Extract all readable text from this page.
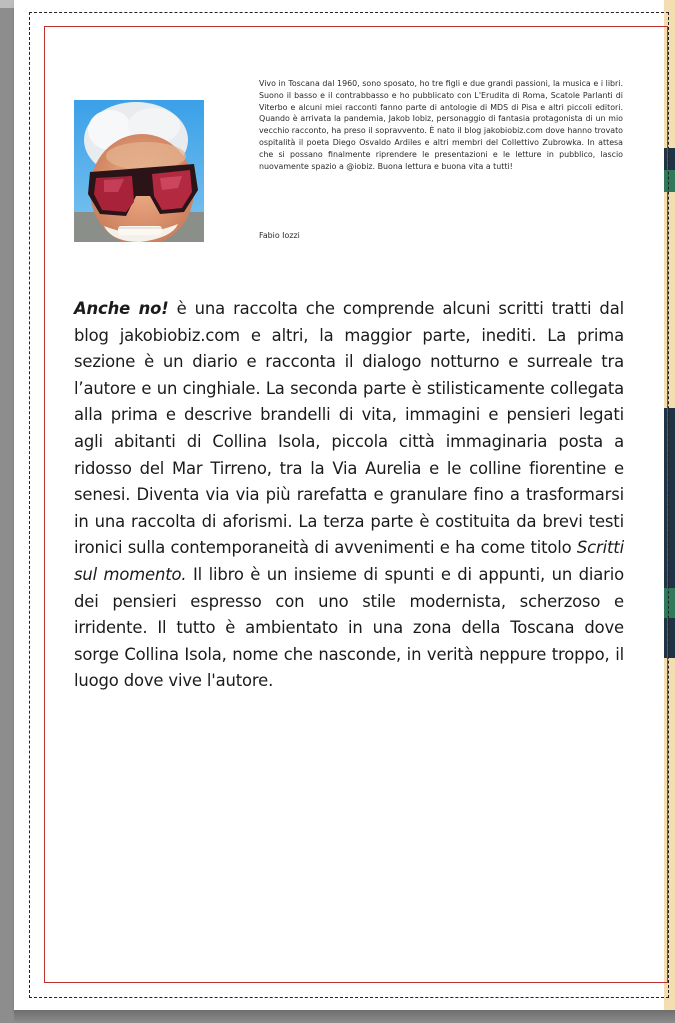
Vivo in Toscana dal 1960, sono sposato, ho tre figli e due grandi passioni, la musica e i libri. Suono il basso e il contrabbasso e ho pubblicato con L'Erudita di Roma, Scatole Parlanti di Viterbo e alcuni miei racconti fanno parte di antologie di MDS di Pisa e altri piccoli editori. Quando è arrivata la pandemia, Jakob Iobiz, personaggio di fantasia protagonista di un mio vecchio racconto, ha preso il sopravvento. È nato il blog jakobiobiz.com dove hanno trovato ospitalità il poeta Diego Osvaldo Ardiles e altri membri del Collettivo Zubrowka. In attesa che si possano finalmente riprendere le presentazioni e le letture in pubblico, lascio nuovamente spazio a @iobiz. Buona lettura e buona vita a tutti!

Fabio Iozzi
Anche no! è una raccolta che comprende alcuni scritti tratti dal blog jakobiobiz.com e altri, la maggior parte, inediti. La prima sezione è un diario e racconta il dialogo notturno e surreale tra l’autore e un cinghiale. La seconda parte è stilisticamente collegata alla prima e descrive brandelli di vita, immagini e pensieri legati agli abitanti di Collina Isola, piccola città immaginaria posta a ridosso del Mar Tirreno, tra la Via Aurelia e le colline fiorentine e senesi. Diventa via via più rarefatta e granulare fino a trasformarsi in una raccolta di aforismi. La terza parte è costituita da brevi testi ironici sulla contemporaneità di avvenimenti e ha come titolo Scritti sul momento. Il libro è un insieme di spunti e di appunti, un diario dei pensieri espresso con uno stile modernista, scherzoso e irridente. Il tutto è ambientato in una zona della Toscana dove sorge Collina Isola, nome che nasconde, in verità neppure troppo, il luogo dove vive l'autore.
